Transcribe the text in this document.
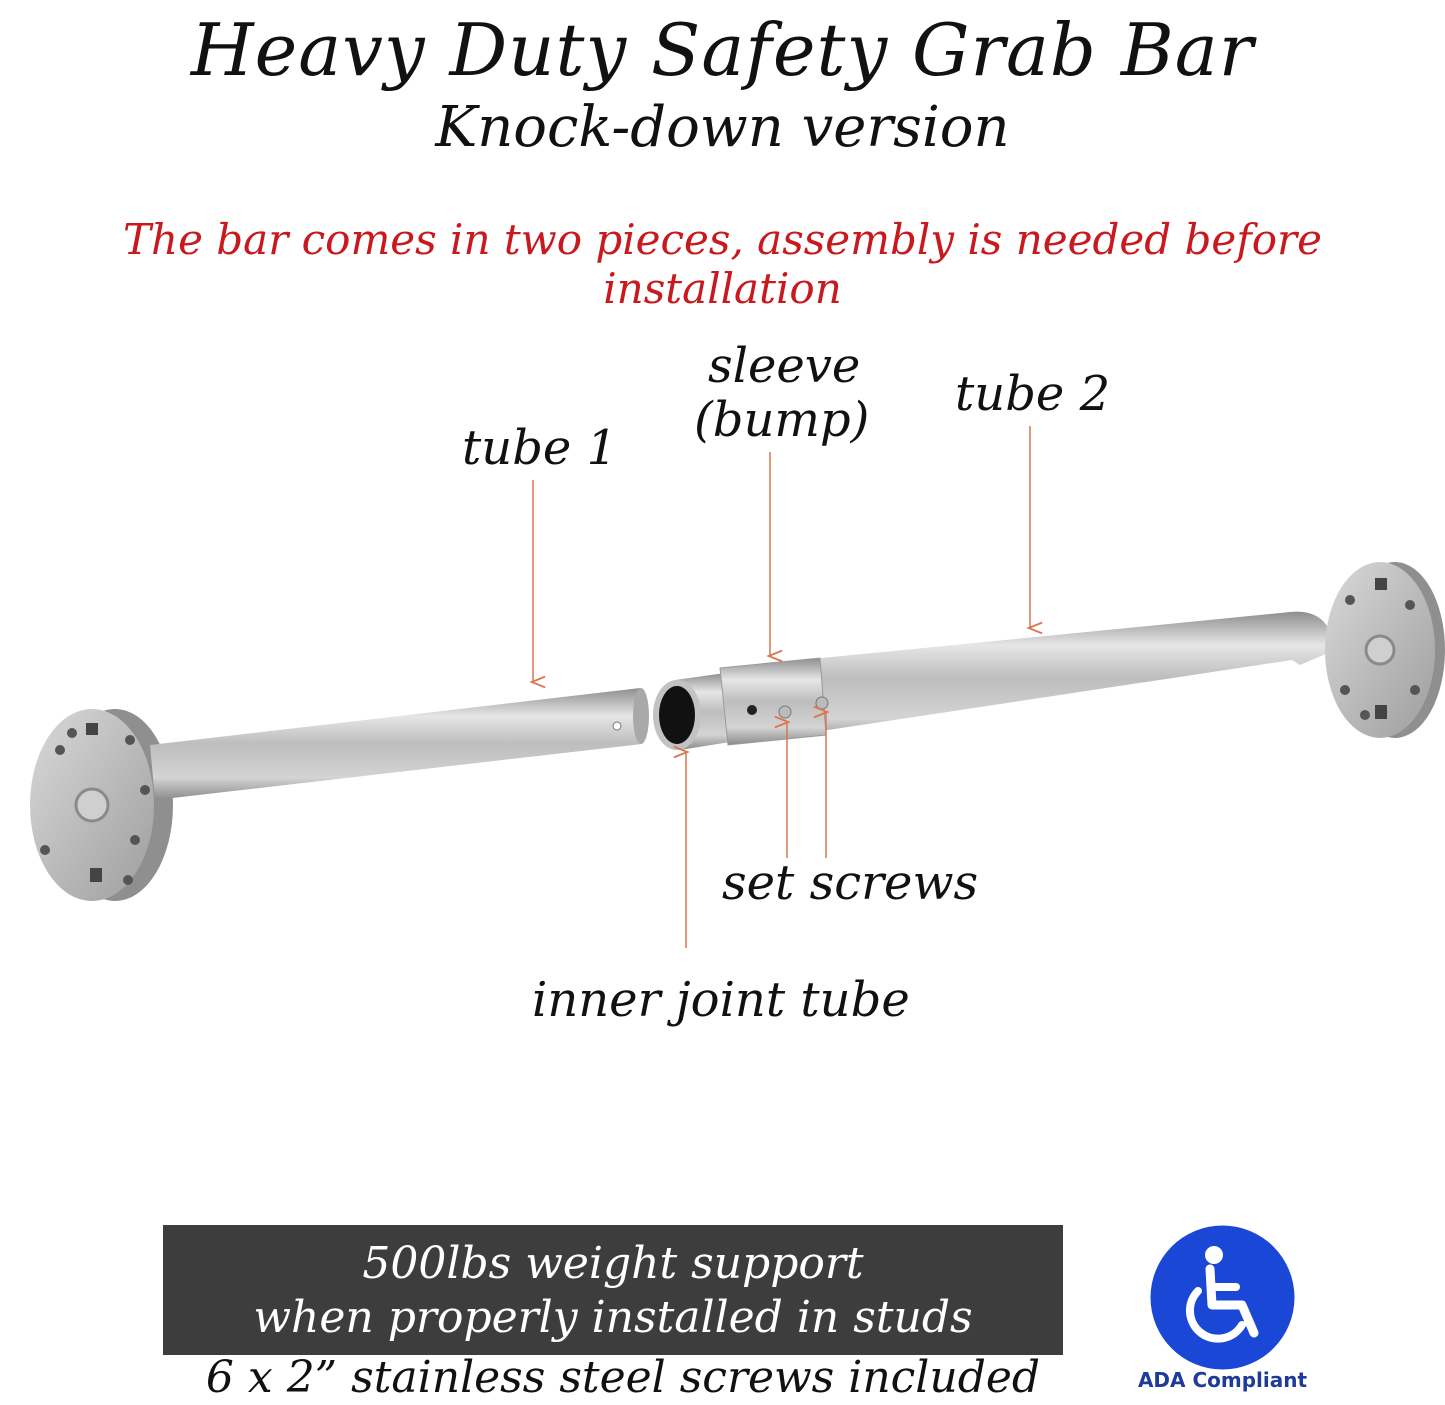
Heavy Duty Safety Grab Bar
Knock-down version
The bar comes in two pieces, assembly is needed before installation
tube 1
sleeve
(bump) tube 2
set screws
inner joint tube
500lbs weight support
when properly installed in studs
6 x 2” stainless steel screws included	ADA Compliant
